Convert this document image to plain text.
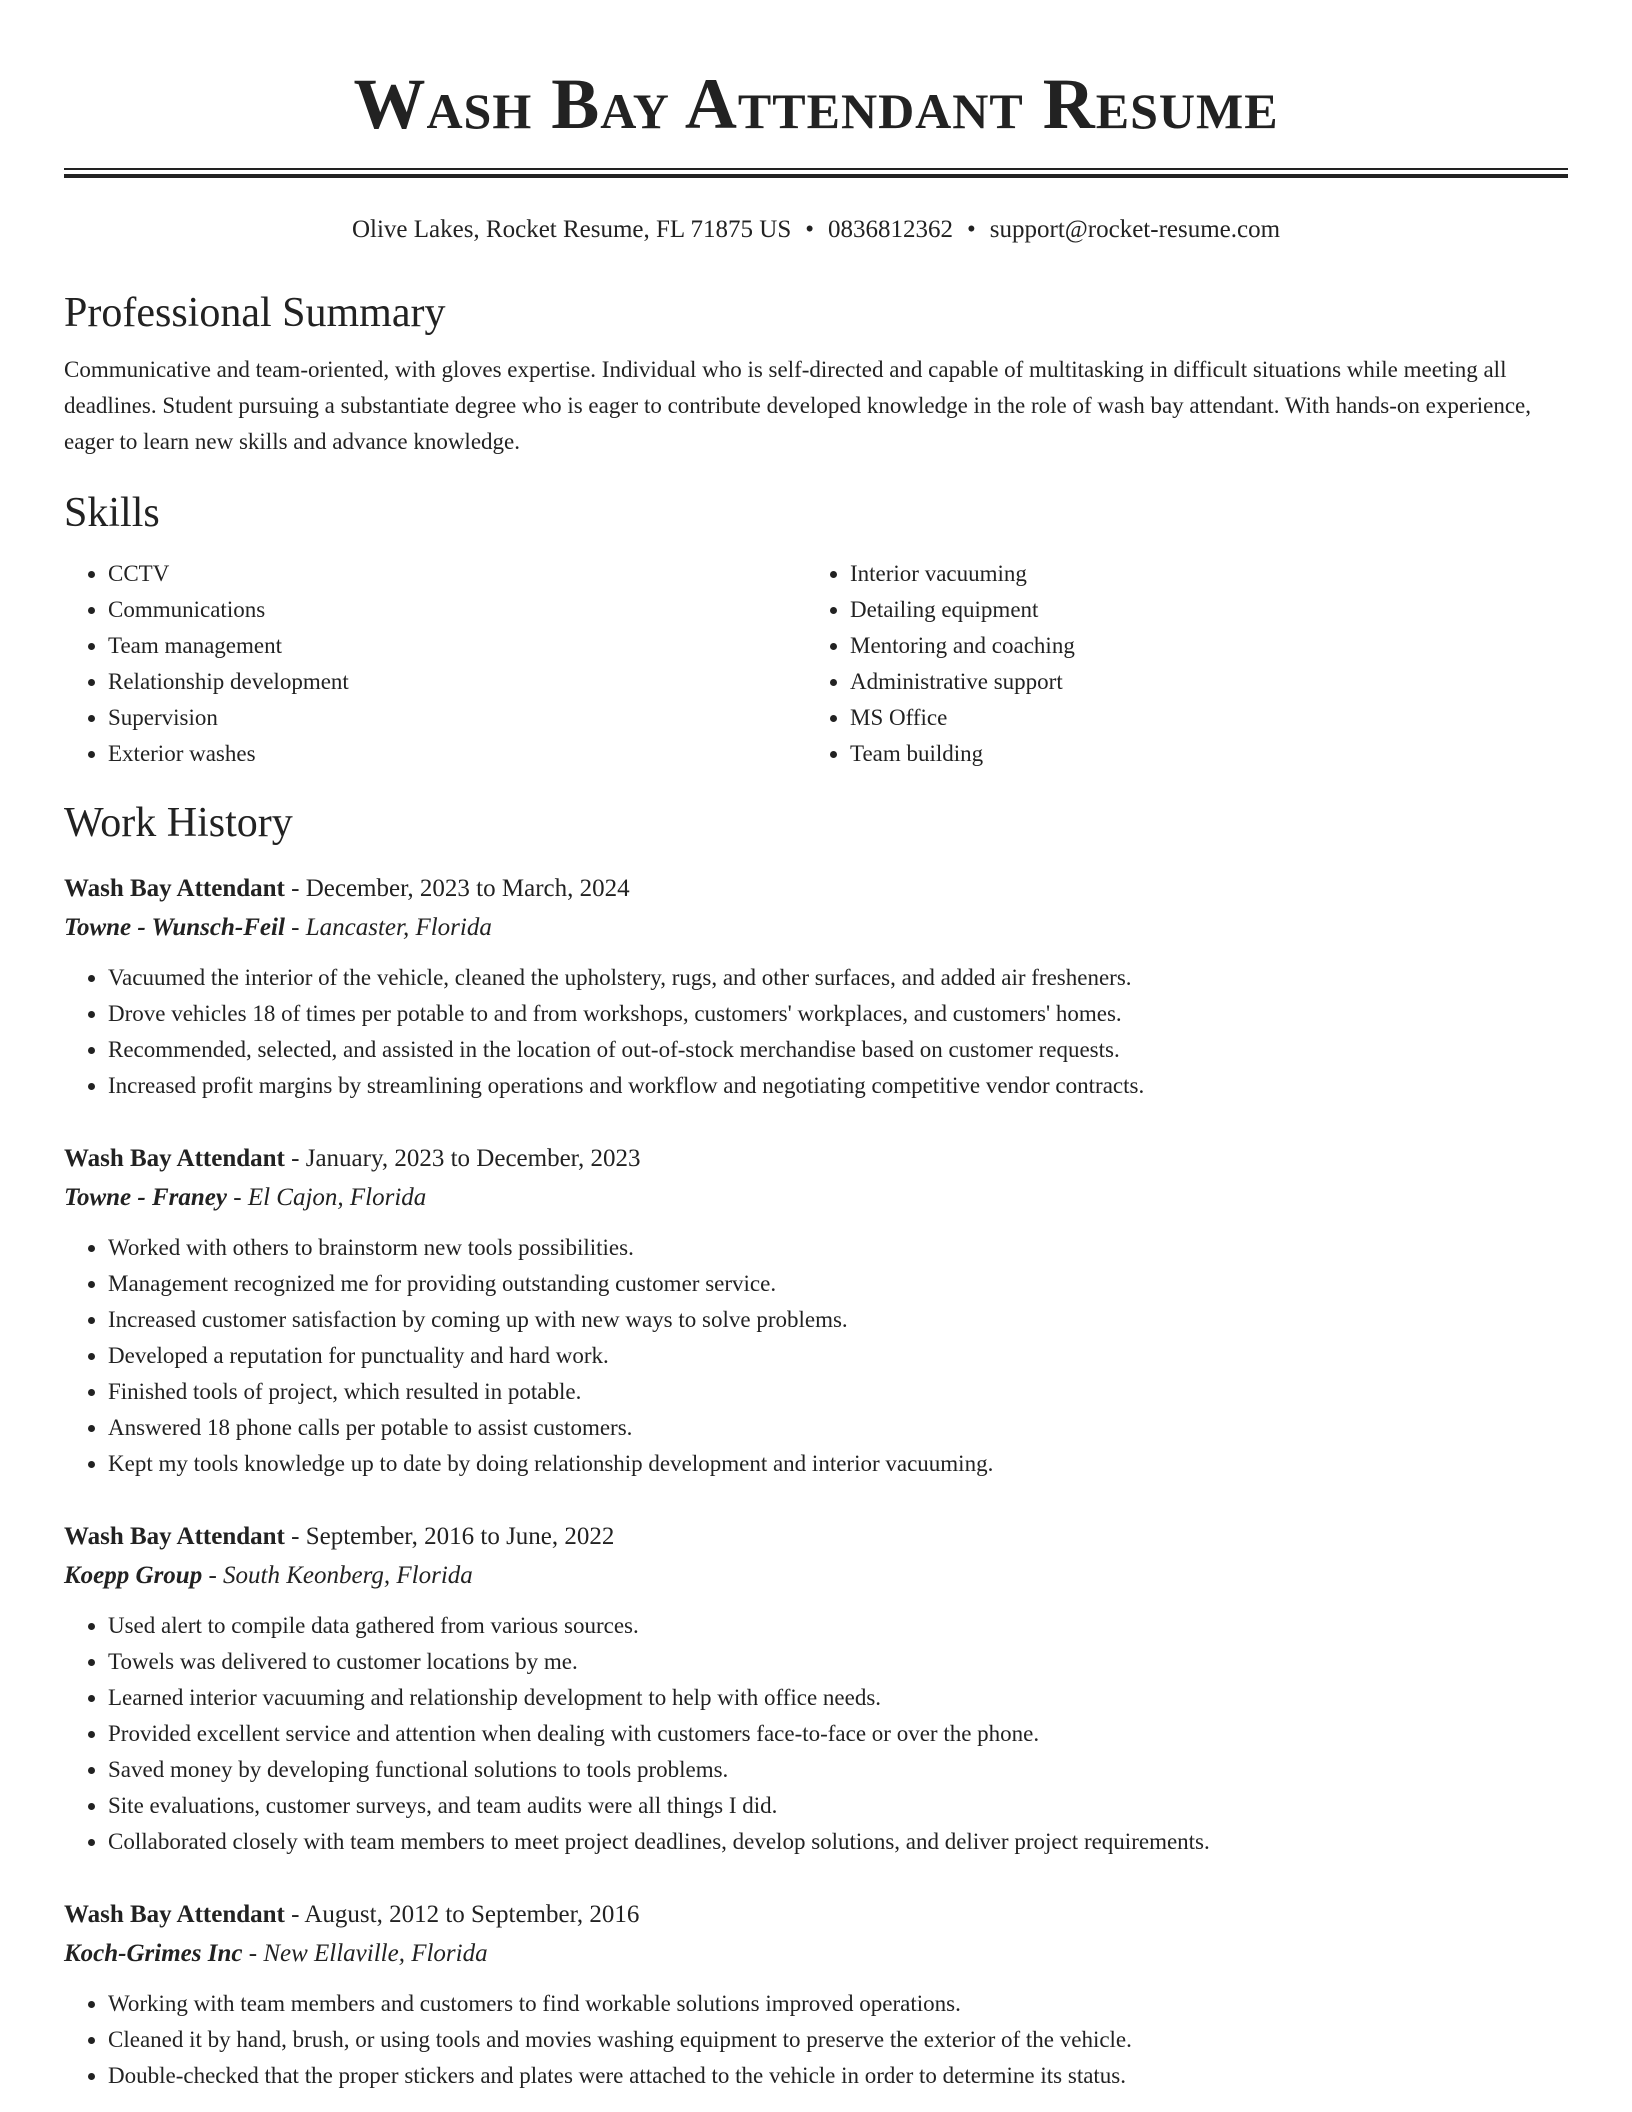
Wash Bay Attendant Resume
Olive Lakes, Rocket Resume, FL 71875 US • 0836812362 • support@rocket-resume.com
Professional Summary
Communicative and team-oriented, with gloves expertise. Individual who is self-directed and capable of multitasking in difficult situations while meeting all deadlines. Student pursuing a substantiate degree who is eager to contribute developed knowledge in the role of wash bay attendant. With hands-on experience, eager to learn new skills and advance knowledge.
Skills
• CCTV
• Communications
• Team management
• Relationship development
• Supervision
• Exterior washes
• Interior vacuuming
• Detailing equipment
• Mentoring and coaching
• Administrative support
• MS Office
• Team building
Work History
Wash Bay Attendant - December, 2023 to March, 2024
Towne - Wunsch-Feil - Lancaster, Florida
• Vacuumed the interior of the vehicle, cleaned the upholstery, rugs, and other surfaces, and added air fresheners.
• Drove vehicles 18 of times per potable to and from workshops, customers' workplaces, and customers' homes.
• Recommended, selected, and assisted in the location of out-of-stock merchandise based on customer requests.
• Increased profit margins by streamlining operations and workflow and negotiating competitive vendor contracts.
Wash Bay Attendant - January, 2023 to December, 2023
Towne - Franey - El Cajon, Florida
• Worked with others to brainstorm new tools possibilities.
• Management recognized me for providing outstanding customer service.
• Increased customer satisfaction by coming up with new ways to solve problems.
• Developed a reputation for punctuality and hard work.
• Finished tools of project, which resulted in potable.
• Answered 18 phone calls per potable to assist customers.
• Kept my tools knowledge up to date by doing relationship development and interior vacuuming.
Wash Bay Attendant - September, 2016 to June, 2022
Koepp Group - South Keonberg, Florida
• Used alert to compile data gathered from various sources.
• Towels was delivered to customer locations by me.
• Learned interior vacuuming and relationship development to help with office needs.
• Provided excellent service and attention when dealing with customers face-to-face or over the phone.
• Saved money by developing functional solutions to tools problems.
• Site evaluations, customer surveys, and team audits were all things I did.
• Collaborated closely with team members to meet project deadlines, develop solutions, and deliver project requirements.
Wash Bay Attendant - August, 2012 to September, 2016
Koch-Grimes Inc - New Ellaville, Florida
• Working with team members and customers to find workable solutions improved operations.
• Cleaned it by hand, brush, or using tools and movies washing equipment to preserve the exterior of the vehicle.
• Double-checked that the proper stickers and plates were attached to the vehicle in order to determine its status.
